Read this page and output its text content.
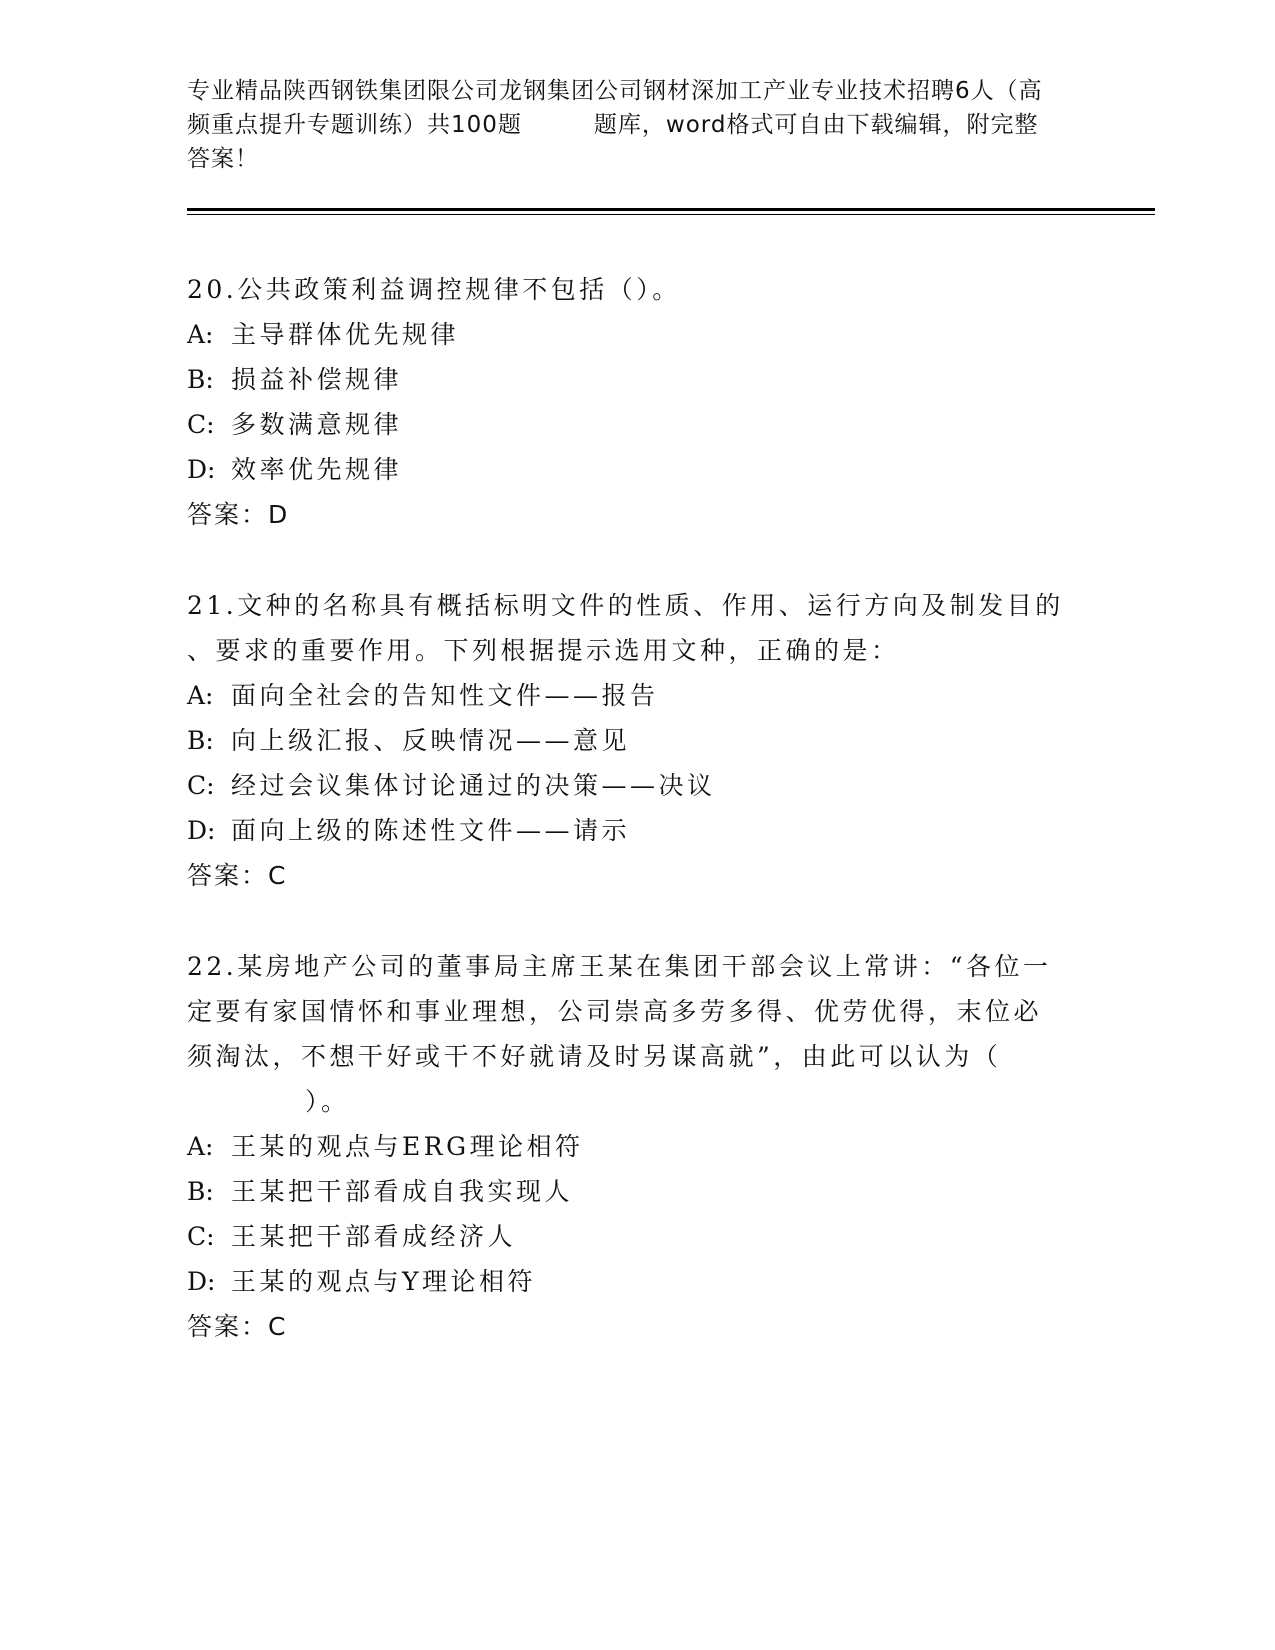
专业精品陕西钢铁集团限公司龙钢集团公司钢材深加工产业专业技术招聘6人（高
频重点提升专题训练）共100题	题库，word格式可自由下载编辑，附完整
答案！

20.公共政策利益调控规律不包括（）。

A: 主导群体优先规律

B: 损益补偿规律

C: 多数满意规律

D: 效率优先规律

答案：D

21.文种的名称具有概括标明文件的性质、作用、运行方向及制发目的

、要求的重要作用。下列根据提示选用文种，正确的是：

A: 面向全社会的告知性文件——报告

B: 向上级汇报、反映情况——意见

C: 经过会议集体讨论通过的决策——决议

D: 面向上级的陈述性文件——请示

答案：C

22.某房地产公司的董事局主席王某在集团干部会议上常讲：“各位一

定要有家国情怀和事业理想，公司崇高多劳多得、优劳优得，末位必

须淘汰，不想干好或干不好就请及时另谋高就”，由此可以认为（

）。

A: 王某的观点与ERG理论相符

B: 王某把干部看成自我实现人

C: 王某把干部看成经济人

D: 王某的观点与Y理论相符

答案：C
